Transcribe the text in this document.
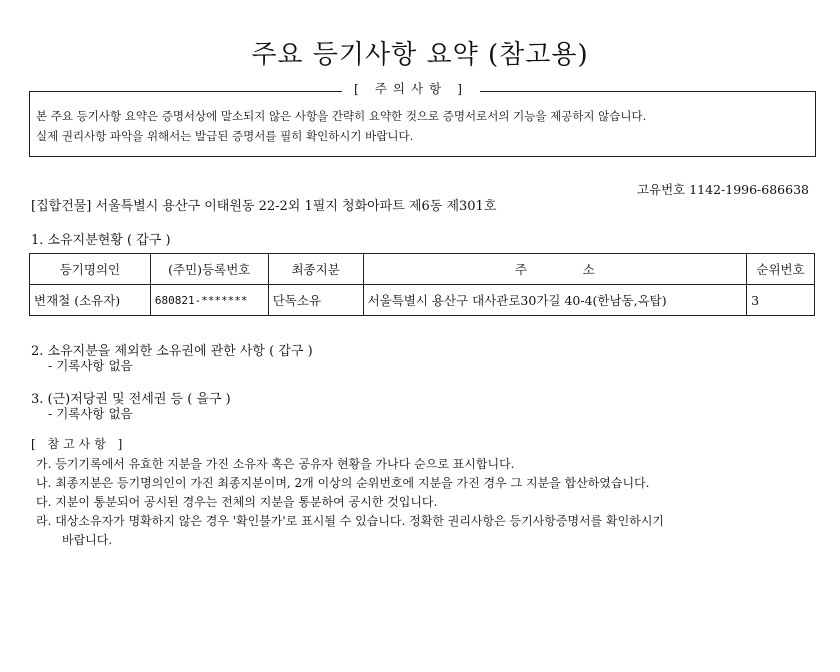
주요 등기사항 요약 (참고용)
[ 주의사항 ]
본 주요 등기사항 요약은 증명서상에 말소되지 않은 사항을 간략히 요약한 것으로 증명서로서의 기능을 제공하지 않습니다.
실제 권리사항 파악을 위해서는 발급된 증명서를 필히 확인하시기 바랍니다.
고유번호 1142-1996-686638
[집합건물] 서울특별시 용산구 이태원동 22-2외 1필지 청화아파트 제6동 제301호
1. 소유지분현황 ( 갑구 )
등기명의인	(주민)등록번호	최종지분	주              소	순위번호
변재철 (소유자)	680821-*******	단독소유	서울특별시 용산구 대사관로30가길 40-4(한남동,옥탑)	3
2. 소유지분을 제외한 소유권에 관한 사항 ( 갑구 )
- 기록사항 없음
3. (근)저당권 및 전세권 등 ( 을구 )
- 기록사항 없음
[ 참고사항 ]
가. 등기기록에서 유효한 지분을 가진 소유자 혹은 공유자 현황을 가나다 순으로 표시합니다.
나. 최종지분은 등기명의인이 가진 최종지분이며, 2개 이상의 순위번호에 지분을 가진 경우 그 지분을 합산하였습니다.
다. 지분이 통분되어 공시된 경우는 전체의 지분을 통분하여 공시한 것입니다.
라. 대상소유자가 명확하지 않은 경우 '확인불가'로 표시될 수 있습니다. 정확한 권리사항은 등기사항증명서를 확인하시기
바랍니다.
